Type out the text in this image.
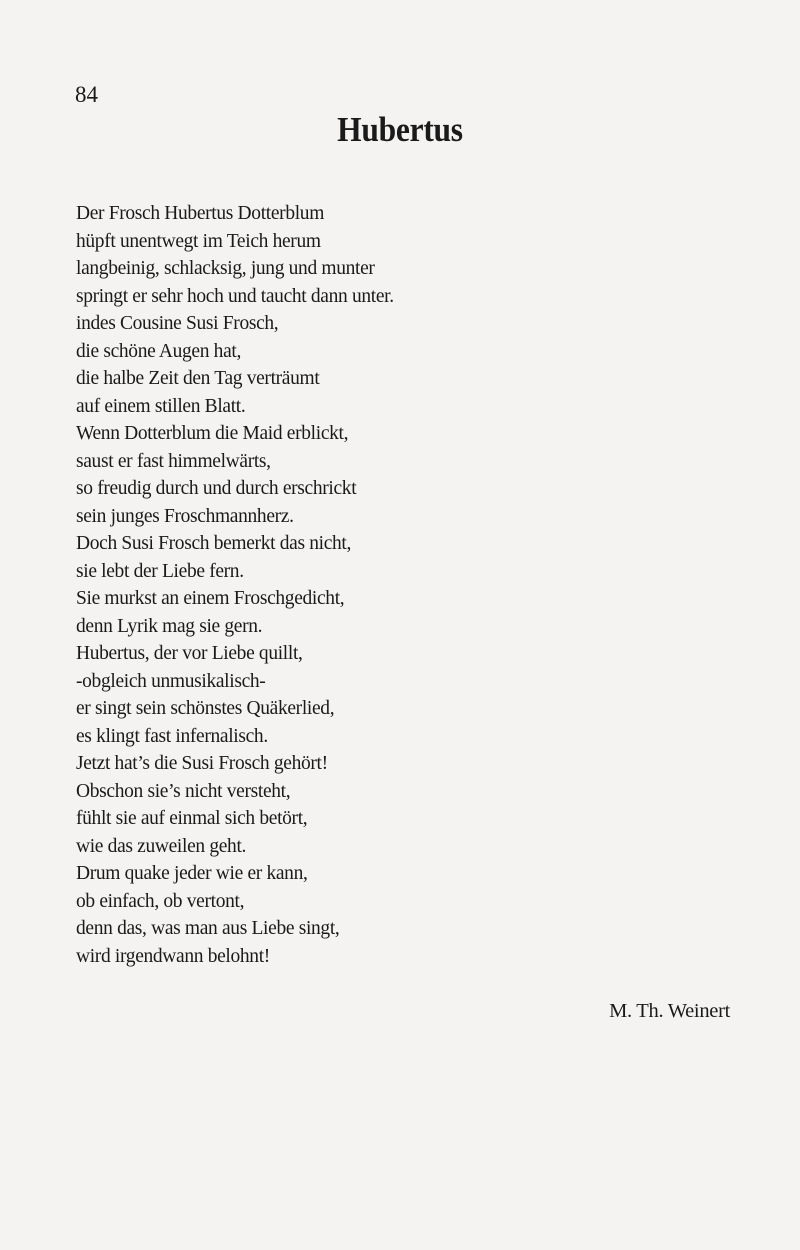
84
Hubertus
Der Frosch Hubertus Dotterblum
hüpft unentwegt im Teich herum
langbeinig, schlacksig, jung und munter
springt er sehr hoch und taucht dann unter.
indes Cousine Susi Frosch,
die schöne Augen hat,
die halbe Zeit den Tag verträumt
auf einem stillen Blatt.
Wenn Dotterblum die Maid erblickt,
saust er fast himmelwärts,
so freudig durch und durch erschrickt
sein junges Froschmannherz.
Doch Susi Frosch bemerkt das nicht,
sie lebt der Liebe fern.
Sie murkst an einem Froschgedicht,
denn Lyrik mag sie gern.
Hubertus, der vor Liebe quillt,
-obgleich unmusikalisch-
er singt sein schönstes Quäkerlied,
es klingt fast infernalisch.
Jetzt hat’s die Susi Frosch gehört!
Obschon sie’s nicht versteht,
fühlt sie auf einmal sich betört,
wie das zuweilen geht.
Drum quake jeder wie er kann,
ob einfach, ob vertont,
denn das, was man aus Liebe singt,
wird irgendwann belohnt!
M. Th. Weinert
